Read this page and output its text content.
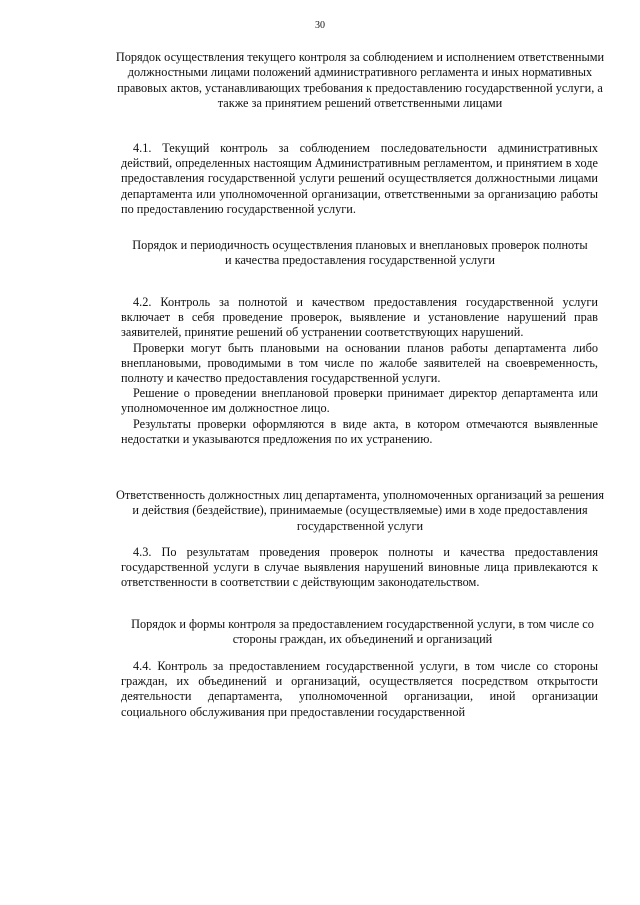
30
Порядок осуществления текущего контроля за соблюдением и исполнением ответственными должностными лицами положений административного регламента и иных нормативных правовых актов, устанавливающих требования к предоставлению государственной услуги, а также за принятием решений ответственными лицами

4.1. Текущий контроль за соблюдением последовательности административных действий, определенных настоящим Административным регламентом, и принятием в ходе предоставления государственной услуги решений осуществляется должностными лицами департамента или уполномоченной организации, ответственными за организацию работы по предоставлению государственной услуги.

Порядок и периодичность осуществления плановых и внеплановых проверок полноты и качества предоставления государственной услуги

4.2. Контроль за полнотой и качеством предоставления государственной услуги включает в себя проведение проверок, выявление и установление нарушений прав заявителей, принятие решений об устранении соответствующих нарушений.

Проверки могут быть плановыми на основании планов работы департамента либо внеплановыми, проводимыми в том числе по жалобе заявителей на своевременность, полноту и качество предоставления государственной услуги.

Решение о проведении внеплановой проверки принимает директор департамента или уполномоченное им должностное лицо.

Результаты проверки оформляются в виде акта, в котором отмечаются выявленные недостатки и указываются предложения по их устранению.

Ответственность должностных лиц департамента, уполномоченных организаций за решения и действия (бездействие), принимаемые (осуществляемые) ими в ходе предоставления государственной услуги

4.3. По результатам проведения проверок полноты и качества предоставления государственной услуги в случае выявления нарушений виновные лица привлекаются к ответственности в соответствии с действующим законодательством.

Порядок и формы контроля за предоставлением государственной услуги, в том числе со стороны граждан, их объединений и организаций

4.4. Контроль за предоставлением государственной услуги, в том числе со стороны граждан, их объединений и организаций, осуществляется посредством открытости деятельности департамента, уполномоченной организации, иной организации социального обслуживания при предоставлении государственной
